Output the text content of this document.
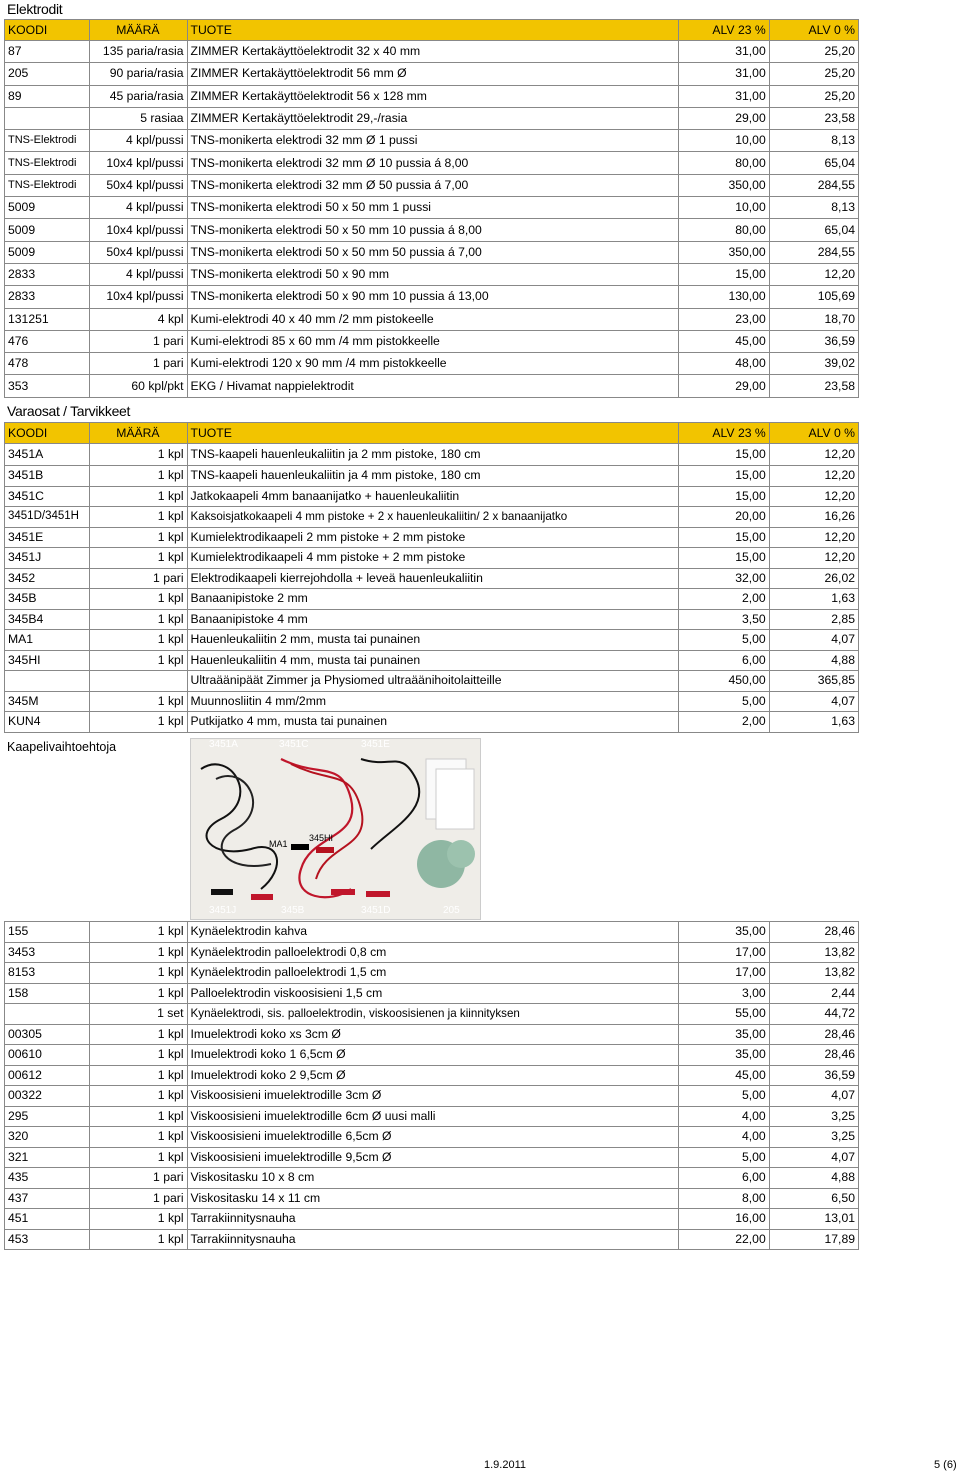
Elektrodit
KOODI	MÄÄRÄ	TUOTE	ALV 23 %	ALV 0 %
87	135 paria/rasia	ZIMMER Kertakäyttöelektrodit 32 x 40 mm	31,00	25,20
205	90 paria/rasia	ZIMMER Kertakäyttöelektrodit 56 mm Ø	31,00	25,20
89	45 paria/rasia	ZIMMER Kertakäyttöelektrodit 56 x 128 mm	31,00	25,20
	5 rasiaa	ZIMMER Kertakäyttöelektrodit 29,-/rasia	29,00	23,58
TNS-Elektrodi	4 kpl/pussi	TNS-monikerta elektrodi 32 mm Ø 1 pussi	10,00	8,13
TNS-Elektrodi	10x4 kpl/pussi	TNS-monikerta elektrodi 32 mm Ø 10 pussia á 8,00	80,00	65,04
TNS-Elektrodi	50x4 kpl/pussi	TNS-monikerta elektrodi 32 mm Ø 50 pussia á 7,00	350,00	284,55
5009	4 kpl/pussi	TNS-monikerta elektrodi 50 x 50 mm 1 pussi	10,00	8,13
5009	10x4 kpl/pussi	TNS-monikerta elektrodi 50 x 50 mm 10 pussia á 8,00	80,00	65,04
5009	50x4 kpl/pussi	TNS-monikerta elektrodi 50 x 50 mm 50 pussia á 7,00	350,00	284,55
2833	4 kpl/pussi	TNS-monikerta elektrodi 50 x 90 mm	15,00	12,20
2833	10x4 kpl/pussi	TNS-monikerta elektrodi 50 x 90 mm 10 pussia á 13,00	130,00	105,69
131251	4 kpl	Kumi-elektrodi 40 x 40 mm /2 mm pistokeelle	23,00	18,70
476	1 pari	Kumi-elektrodi 85 x 60 mm /4 mm pistokkeelle	45,00	36,59
478	1 pari	Kumi-elektrodi 120 x 90 mm /4 mm pistokkeelle	48,00	39,02
353	60 kpl/pkt	EKG / Hivamat nappielektrodit	29,00	23,58
Varaosat / Tarvikkeet
KOODI	MÄÄRÄ	TUOTE	ALV 23 %	ALV 0 %
3451A	1 kpl	TNS-kaapeli hauenleukaliitin ja 2 mm pistoke, 180 cm	15,00	12,20
3451B	1 kpl	TNS-kaapeli hauenleukaliitin ja 4 mm pistoke, 180 cm	15,00	12,20
3451C	1 kpl	Jatkokaapeli 4mm banaanijatko + hauenleukaliitin	15,00	12,20
3451D/3451H	1 kpl	Kaksoisjatkokaapeli 4 mm pistoke + 2 x hauenleukaliitin/ 2 x banaanijatko	20,00	16,26
3451E	1 kpl	Kumielektrodikaapeli 2 mm pistoke + 2 mm pistoke	15,00	12,20
3451J	1 kpl	Kumielektrodikaapeli 4 mm pistoke + 2 mm pistoke	15,00	12,20
3452	1 pari	Elektrodikaapeli kierrejohdolla + leveä hauenleukaliitin	32,00	26,02
345B	1 kpl	Banaanipistoke 2 mm	2,00	1,63
345B4	1 kpl	Banaanipistoke 4 mm	3,50	2,85
MA1	1 kpl	Hauenleukaliitin 2 mm, musta tai punainen	5,00	4,07
345HI	1 kpl	Hauenleukaliitin 4 mm, musta tai punainen	6,00	4,88
		Ultraäänipäät Zimmer ja Physiomed ultraäänihoitolaitteille	450,00	365,85
345M	1 kpl	Muunnosliitin 4 mm/2mm	5,00	4,07
KUN4	1 kpl	Putkijatko 4 mm, musta tai punainen	2,00	1,63
Kaapelivaihtoehtoja	3451A	3451C	3451E
MA1
345HI
3451J	345B	3451D	205
155	1 kpl	Kynäelektrodin kahva	35,00	28,46
3453	1 kpl	Kynäelektrodin palloelektrodi 0,8 cm	17,00	13,82
8153	1 kpl	Kynäelektrodin palloelektrodi 1,5 cm	17,00	13,82
158	1 kpl	Palloelektrodin viskoosisieni 1,5 cm	3,00	2,44
	1 set	Kynäelektrodi, sis. palloelektrodin, viskoosisienen ja kiinnityksen	55,00	44,72
00305	1 kpl	Imuelektrodi koko xs 3cm Ø	35,00	28,46
00610	1 kpl	Imuelektrodi koko 1 6,5cm Ø	35,00	28,46
00612	1 kpl	Imuelektrodi koko 2 9,5cm Ø	45,00	36,59
00322	1 kpl	Viskoosisieni imuelektrodille 3cm Ø	5,00	4,07
295	1 kpl	Viskoosisieni imuelektrodille 6cm Ø uusi malli	4,00	3,25
320	1 kpl	Viskoosisieni imuelektrodille 6,5cm Ø	4,00	3,25
321	1 kpl	Viskoosisieni imuelektrodille 9,5cm Ø	5,00	4,07
435	1 pari	Viskositasku 10 x 8 cm	6,00	4,88
437	1 pari	Viskositasku 14 x 11 cm	8,00	6,50
451	1 kpl	Tarrakiinnitysnauha	16,00	13,01
453	1 kpl	Tarrakiinnitysnauha	22,00	17,89
1.9.2011	5 (6)
